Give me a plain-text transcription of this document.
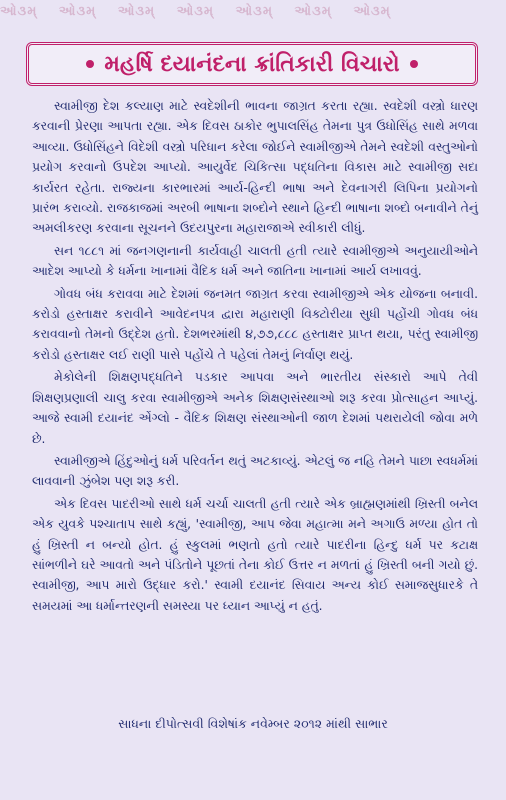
ઓ૩મ્ ઓ૩મ્ ઓ૩મ્ ઓ૩મ્ ઓ૩મ્ ઓ૩મ્ ઓ૩મ્
મહર્ષિ દયાનંદના ક્રાંતિકારી વિચારો

સ્વામીજી દેશ કલ્યાણ માટે સ્વદેશીની ભાવના જાગ્રત કરતા રહ્યા. સ્વદેશી વસ્ત્રો ધારણ કરવાની પ્રેરણા આપતા રહ્યા. એક દિવસ ઠાકોર ભુપાલસિંહ તેમના પુત્ર ઉધોસિંહ સાથે મળવા આવ્યા. ઉધોસિંહને વિદેશી વસ્ત્રો પરિધાન કરેલા જોઈને સ્વામીજીએ તેમને સ્વદેશી વસ્તુઓનો પ્રયોગ કરવાનો ઉપદેશ આપ્યો. આયુર્વેદ ચિકિત્સા પદ્ધતિના વિકાસ માટે સ્વામીજી સદા કાર્યરત રહેતા. રાજ્યના કારભારમાં આર્ય-હિન્દી ભાષા અને દેવનાગરી લિપિના પ્રયોગનો પ્રારંભ કરાવ્યો. રાજકાજમાં અરબી ભાષાના શબ્દોને સ્થાને હિન્દી ભાષાના શબ્દો બનાવીને તેનું અમલીકરણ કરવાના સૂચનને ઉદયપુરના મહારાજાએ સ્વીકારી લીધું.

સન ૧૮૮૧ માં જનગણનાની કાર્યવાહી ચાલતી હતી ત્યારે સ્વામીજીએ અનુયાયીઓને આદેશ આપ્યો કે ધર્મના ખાનામાં વૈદિક ધર્મ અને જાતિના ખાનામાં આર્ય લખાવવું.

ગોવધ બંધ કરાવવા માટે દેશમાં જનમત જાગ્રત કરવા સ્વામીજીએ એક યોજના બનાવી. કરોડો હસ્તાક્ષર કરાવીને આવેદનપત્ર દ્વારા મહારાણી વિક્ટોરીયા સુધી પહોંચી ગોવધ બંધ કરાવવાનો તેમનો ઉદ્દેશ હતો. દેશભરમાંથી ૪,૭૭,૮૮૮ હસ્તાક્ષર પ્રાપ્ત થયા, પરંતુ સ્વામીજી કરોડો હસ્તાક્ષર લઈ રાણી પાસે પહોંચે તે પહેલાં તેમનું નિર્વાણ થયું.

મેકોલેની શિક્ષણપદ્ધતિને પડકાર આપવા અને ભારતીય સંસ્કારો આપે તેવી શિક્ષણપ્રણાલી ચાલુ કરવા સ્વામીજીએ અનેક શિક્ષણસંસ્થાઓ શરૂ કરવા પ્રોત્સાહન આપ્યું. આજે સ્વામી દયાનંદ એંગ્લો - વૈદિક શિક્ષણ સંસ્થાઓની જાળ દેશમાં પથરાયેલી જોવા મળે છે.

સ્વામીજીએ હિંદુઓનું ધર્મ પરિવર્તન થતું અટકાવ્યું. એટલું જ નહિ તેમને પાછા સ્વધર્મમાં લાવવાની ઝુંબેશ પણ શરૂ કરી.

એક દિવસ પાદરીઓ સાથે ધર્મ ચર્ચા ચાલતી હતી ત્યારે એક બ્રાહ્મણમાંથી ખ્રિસ્તી બનેલ એક યુવકે પશ્ચાતાપ સાથે કહ્યું, 'સ્વામીજી, આપ જેવા મહાત્મા મને અગાઉ મળ્યા હોત તો હું ખ્રિસ્તી ન બન્યો હોત. હું સ્કુલમાં ભણતો હતો ત્યારે પાદરીના હિન્દુ ધર્મ પર કટાક્ષ સાંભળીને ઘરે આવતો અને પંડિતોને પૂછતાં તેના કોઈ ઉત્તર ન મળતાં હું ખ્રિસ્તી બની ગયો છું. સ્વામીજી, આપ મારો ઉદ્ધાર કરો.' સ્વામી દયાનંદ સિવાય અન્ય કોઈ સમાજસુધારકે તે સમયમાં આ ધર્માન્તરણની સમસ્યા પર ધ્યાન આપ્યું ન હતું.

સાધના દીપોત્સવી વિશેષાંક નવેમ્બર ૨૦૧૨ માંથી સાભાર
